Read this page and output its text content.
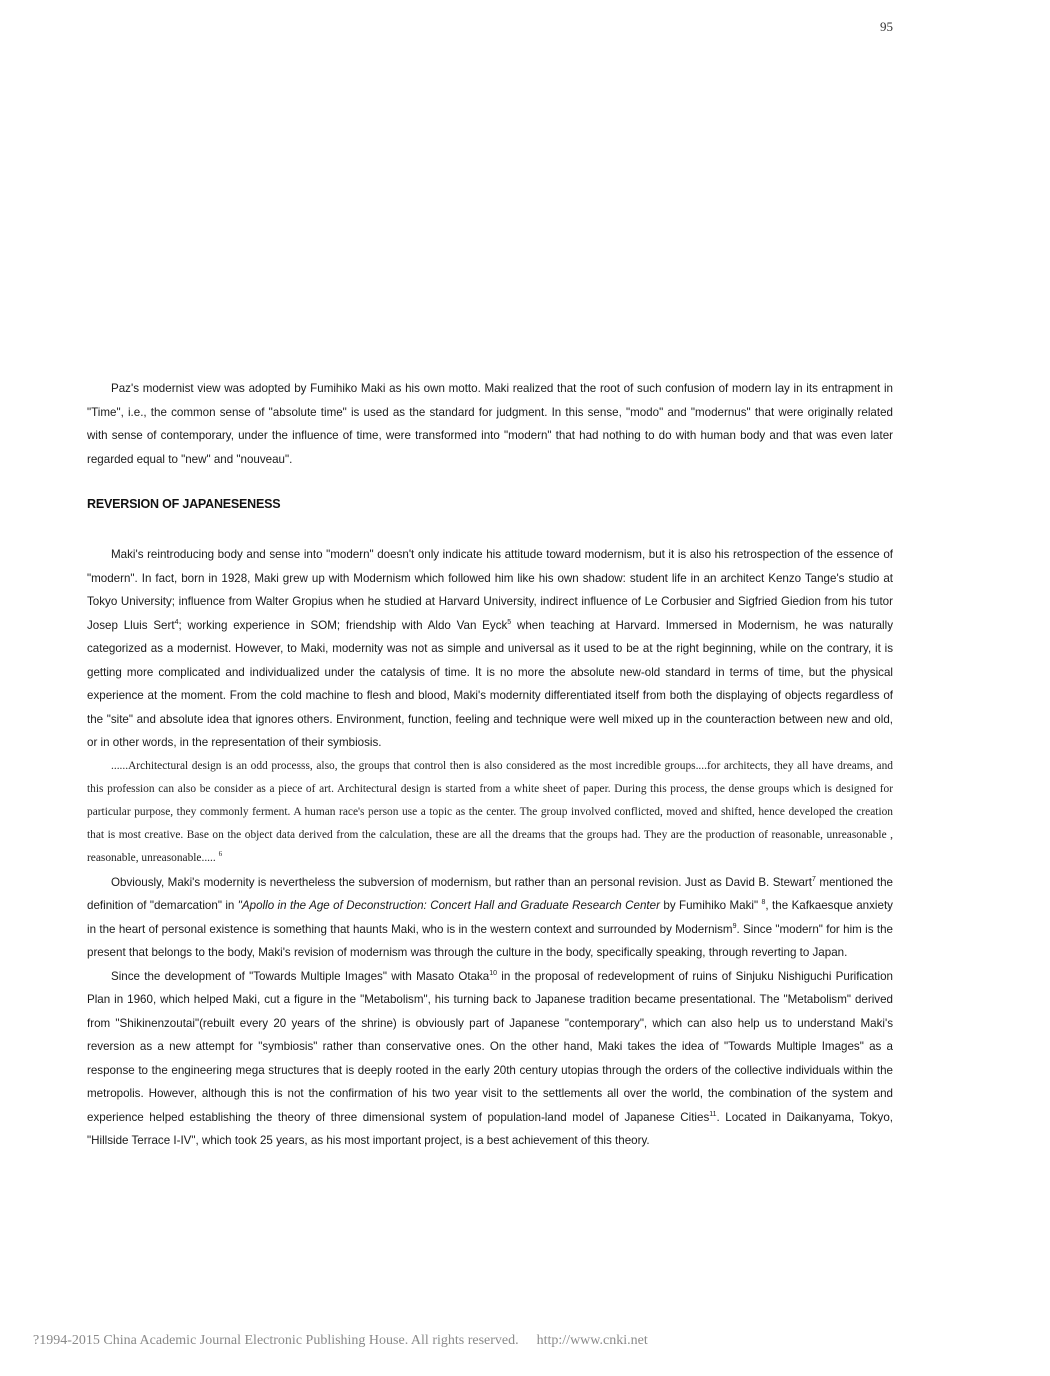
95

Paz's modernist view was adopted by Fumihiko Maki as his own motto. Maki realized that the root of such confusion of modern lay in its entrapment in "Time", i.e., the common sense of "absolute time" is used as the standard for judgment. In this sense, "modo" and "modernus" that were originally related with sense of contemporary, under the influence of time, were transformed into "modern" that had nothing to do with human body and that was even later regarded equal to "new" and "nouveau".

REVERSION OF JAPANESENESS

Maki's reintroducing body and sense into "modern" doesn't only indicate his attitude toward modernism, but it is also his retrospection of the essence of "modern". In fact, born in 1928, Maki grew up with Modernism which followed him like his own shadow: student life in an architect Kenzo Tange's studio at Tokyo University; influence from Walter Gropius when he studied at Harvard University, indirect influence of Le Corbusier and Sigfried Giedion from his tutor Josep Lluis Sert$^4$; working experience in SOM; friendship with Aldo Van Eyck$^5$ when teaching at Harvard. Immersed in Modernism, he was naturally categorized as a modernist. However, to Maki, modernity was not as simple and universal as it used to be at the right beginning, while on the contrary, it is getting more complicated and individualized under the catalysis of time. It is no more the absolute new-old standard in terms of time, but the physical experience at the moment. From the cold machine to flesh and blood, Maki's modernity differentiated itself from both the displaying of objects regardless of the "site" and absolute idea that ignores others. Environment, function, feeling and technique were well mixed up in the counteraction between new and old, or in other words, in the representation of their symbiosis.

......Architectural design is an odd processs, also, the groups that control then is also considered as the most incredible groups....for architects, they all have dreams, and this profession can also be consider as a piece of art. Architectural design is started from a white sheet of paper. During this process, the dense groups which is designed for particular purpose, they commonly ferment. A human race's person use a topic as the center. The group involved conflicted, moved and shifted, hence developed the creation that is most creative. Base on the object data derived from the calculation, these are all the dreams that the groups had. They are the production of reasonable, unreasonable , reasonable, unreasonable..... $^6$

Obviously, Maki's modernity is nevertheless the subversion of modernism, but rather than an personal revision. Just as David B. Stewart$^7$ mentioned the definition of "demarcation" in "Apollo in the Age of Deconstruction: Concert Hall and Graduate Research Center by Fumihiko Maki" $^8$, the Kafkaesque anxiety in the heart of personal existence is something that haunts Maki, who is in the western context and surrounded by Modernism$^9$. Since "modern" for him is the present that belongs to the body, Maki's revision of modernism was through the culture in the body, specifically speaking, through reverting to Japan.

Since the development of "Towards Multiple Images" with Masato Otaka$^{10}$ in the proposal of redevelopment of ruins of Sinjuku Nishiguchi Purification Plan in 1960, which helped Maki, cut a figure in the "Metabolism", his turning back to Japanese tradition became presentational. The "Metabolism" derived from "Shikinenzoutai"(rebuilt every 20 years of the shrine) is obviously part of Japanese "contemporary", which can also help us to understand Maki's reversion as a new attempt for "symbiosis" rather than conservative ones. On the other hand, Maki takes the idea of "Towards Multiple Images" as a response to the engineering mega structures that is deeply rooted in the early 20th century utopias through the orders of the collective individuals within the metropolis. However, although this is not the confirmation of his two year visit to the settlements all over the world, the combination of the system and experience helped establishing the theory of three dimensional system of population-land model of Japanese Cities$^{11}$. Located in Daikanyama, Tokyo, "Hillside Terrace I-IV", which took 25 years, as his most important project, is a best achievement of this theory.

?1994-2015 China Academic Journal Electronic Publishing House. All rights reserved. http://www.cnki.net
